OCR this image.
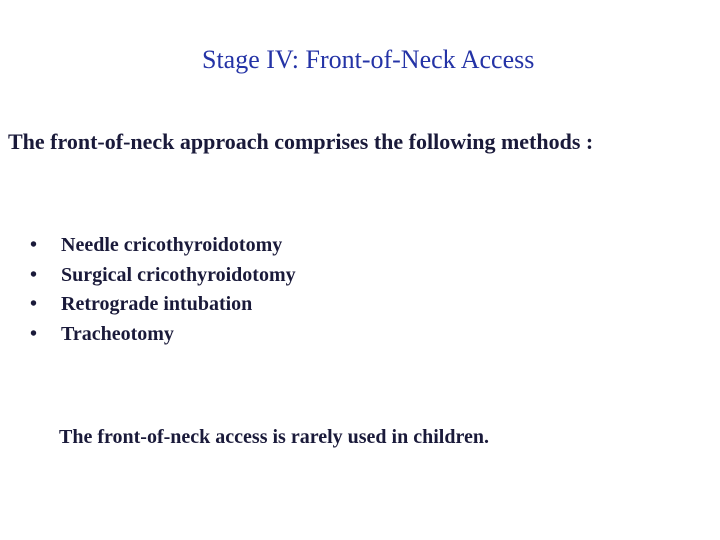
Stage IV: Front-of-Neck Access
The front-of-neck approach comprises the following methods :
•	Needle cricothyroidotomy
•	Surgical cricothyroidotomy
•	Retrograde intubation
•	Tracheotomy
The front-of-neck access is rarely used in children.
